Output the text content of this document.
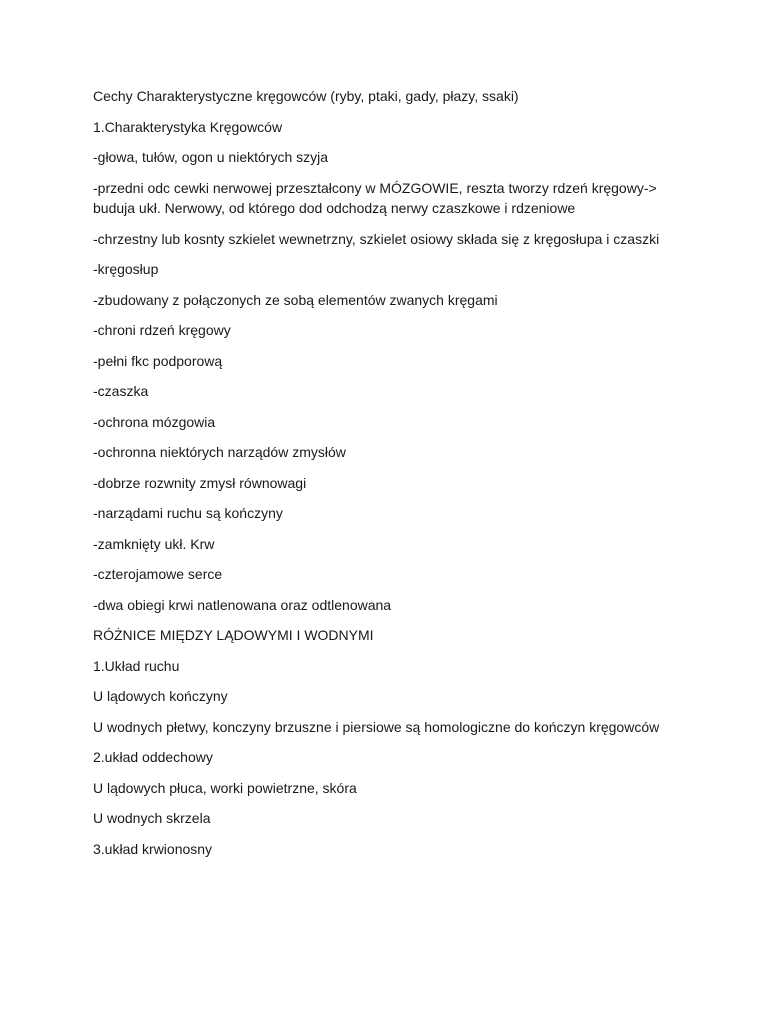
Cechy Charakterystyczne kręgowców (ryby, ptaki, gady, płazy, ssaki)

1.Charakterystyka Kręgowców

-głowa, tułów, ogon u niektórych szyja

-przedni odc cewki nerwowej przeształcony w MÓZGOWIE, reszta tworzy rdzeń kręgowy-> buduja ukł. Nerwowy, od którego dod odchodzą nerwy czaszkowe i rdzeniowe

-chrzestny lub kosnty szkielet wewnetrzny, szkielet osiowy składa się z kręgosłupa i czaszki

-kręgosłup

-zbudowany z połączonych ze sobą elementów zwanych kręgami

-chroni rdzeń kręgowy

-pełni fkc podporową

-czaszka

-ochrona mózgowia

-ochronna niektórych narządów zmysłów

-dobrze rozwnity zmysł równowagi

-narządami ruchu są kończyny

-zamknięty ukł. Krw

-czterojamowe serce

-dwa obiegi krwi natlenowana oraz odtlenowana

RÓŻNICE MIĘDZY LĄDOWYMI I WODNYMI

1.Układ ruchu

U lądowych kończyny

U wodnych płetwy, konczyny brzuszne i piersiowe są homologiczne do kończyn kręgowców

2.układ oddechowy

U lądowych płuca, worki powietrzne, skóra

U wodnych skrzela

3.układ krwionosny
